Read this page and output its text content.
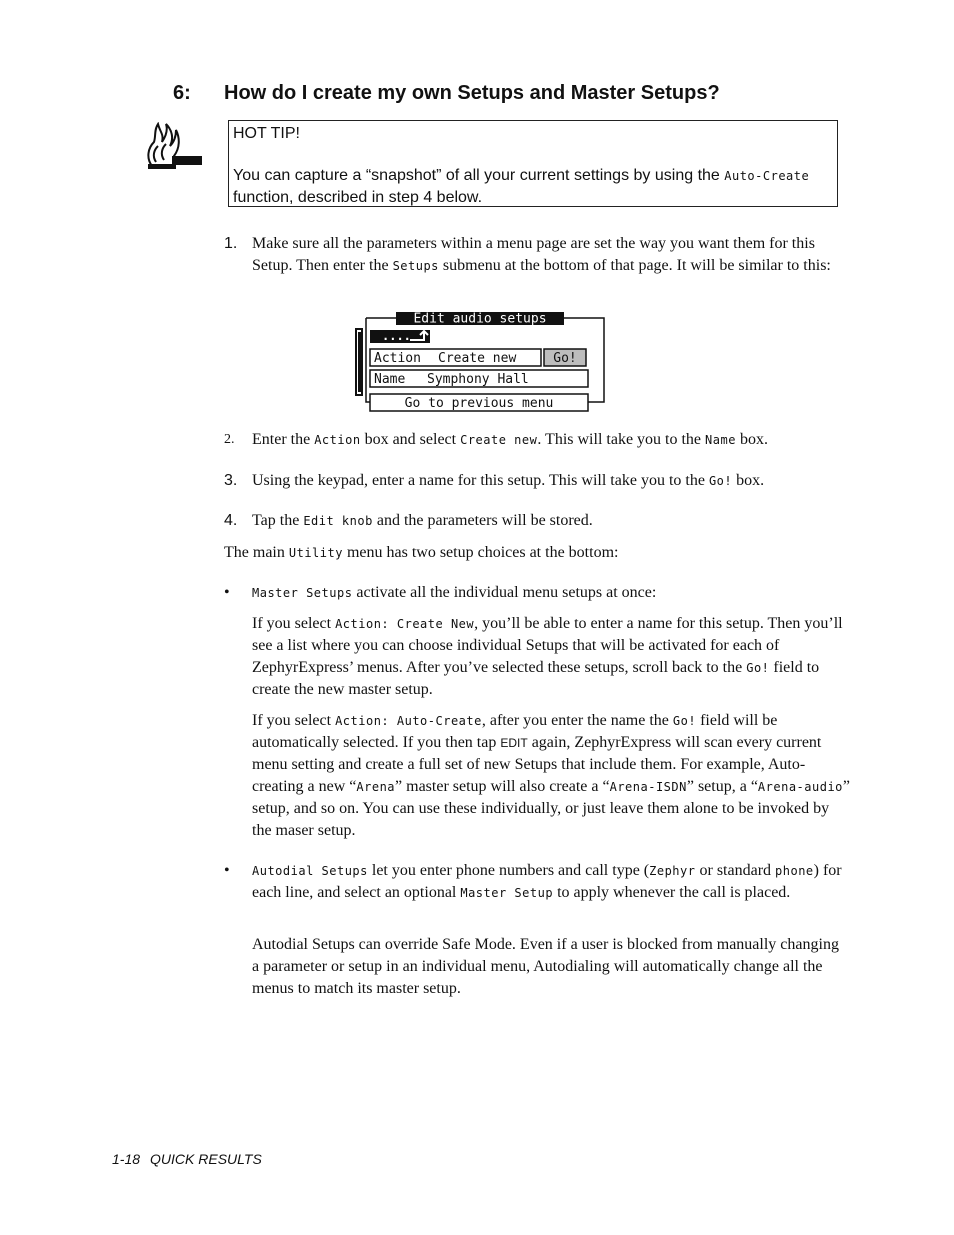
6: How do I create my own Setups and Master Setups?
HOT TIP!
You can capture a “snapshot” of all your current settings by using the Auto-Create function, described in step 4 below.
1. Make sure all the parameters within a menu page are set the way you want them for this Setup. Then enter the Setups submenu at the bottom of that page. It will be similar to this:
Edit audio setups
....
Action Create new	Go!
Name Symphony Hall
Go to previous menu
2.	Enter the Action box and select Create new. This will take you to the Name box.
3. Using the keypad, enter a name for this setup. This will take you to the Go! box.
4. Tap the Edit knob and the parameters will be stored.
The main Utility menu has two setup choices at the bottom:
• Master Setups activate all the individual menu setups at once:
If you select Action: Create New, you’ll be able to enter a name for this setup. Then you’ll see a list where you can choose individual Setups that will be activated for each of ZephyrExpress’ menus. After you’ve selected these setups, scroll back to the Go! field to create the new master setup.
If you select Action: Auto-Create, after you enter the name the Go! field will be automatically selected. If you then tap EDIT again, ZephyrExpress will scan every current menu setting and create a full set of new Setups that include them. For example, Auto-creating a new “Arena” master setup will also create a “Arena-ISDN” setup, a “Arena-audio” setup, and so on. You can use these individually, or just leave them alone to be invoked by the maser setup.
• Autodial Setups let you enter phone numbers and call type (Zephyr or standard phone) for each line, and select an optional Master Setup to apply whenever the call is placed.
Autodial Setups can override Safe Mode. Even if a user is blocked from manually changing a parameter or setup in an individual menu, Autodialing will automatically change all the menus to match its master setup.
1-18 QUICK RESULTS
